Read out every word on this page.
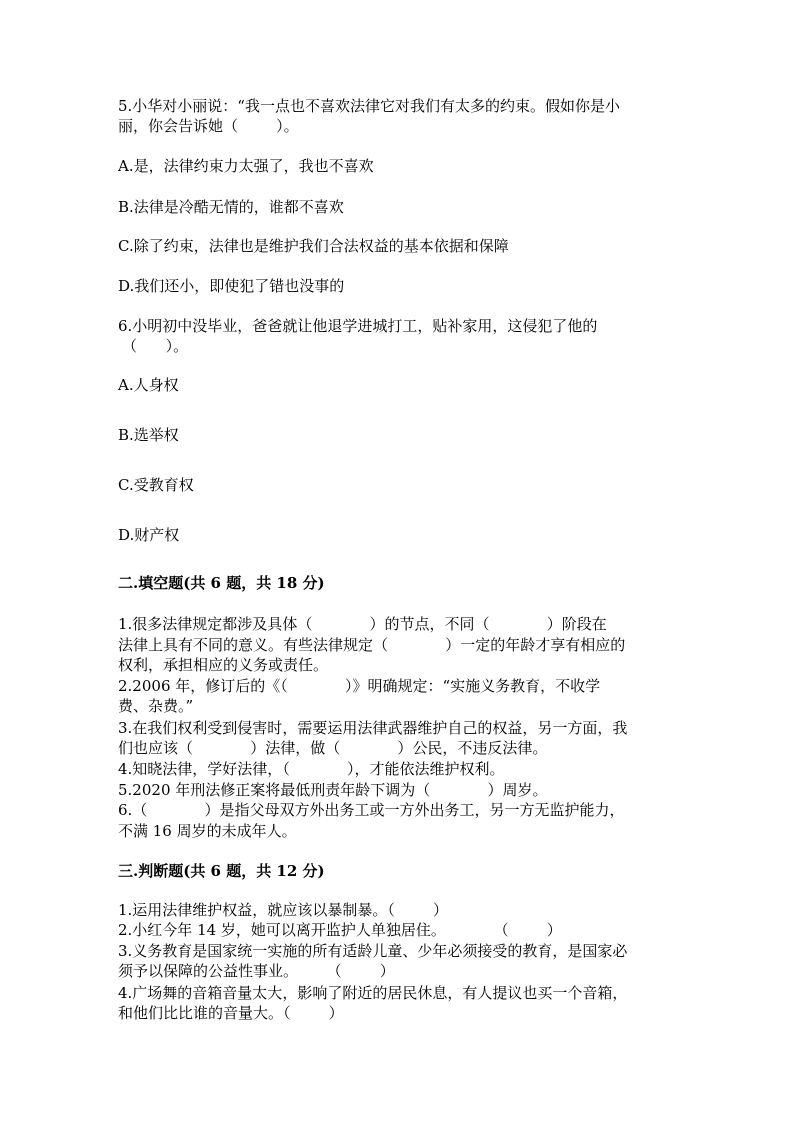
5.小华对小丽说：“我一点也不喜欢法律它对我们有太多的约束。假如你是小
丽，你会告诉她（        ）。
A.是，法律约束力太强了，我也不喜欢
B.法律是冷酷无情的，谁都不喜欢
C.除了约束，法律也是维护我们合法权益的基本依据和保障
D.我们还小，即使犯了错也没事的
6.小明初中没毕业，爸爸就让他退学进城打工，贴补家用，这侵犯了他的
（      ）。
A.人身权
B.选举权
C.受教育权
D.财产权
二.填空题(共 6 题，共 18 分)
1.很多法律规定都涉及具体（            ）的节点，不同（            ）阶段在
法律上具有不同的意义。有些法律规定（            ）一定的年龄才享有相应的
权利，承担相应的义务或责任。
2.2006 年，修订后的《（            ）》明确规定：“实施义务教育，不收学
费、杂费。”
3.在我们权利受到侵害时，需要运用法律武器维护自己的权益，另一方面，我
们也应该（            ）法律，做（            ）公民，不违反法律。
4.知晓法律，学好法律，（            ），才能依法维护权利。
5.2020 年刑法修正案将最低刑责年龄下调为（            ）周岁。
6.（            ）是指父母双方外出务工或一方外出务工，另一方无监护能力，
不满 16 周岁的未成年人。
三.判断题(共 6 题，共 12 分)
1.运用法律维护权益，就应该以暴制暴。（        ）
2.小红今年 14 岁，她可以离开监护人单独居住。          （        ）
3.义务教育是国家统一实施的所有适龄儿童、少年必须接受的教育，是国家必
须予以保障的公益性事业。      （        ）
4.广场舞的音箱音量太大，影响了附近的居民休息，有人提议也买一个音箱，
和他们比比谁的音量大。（        ）
